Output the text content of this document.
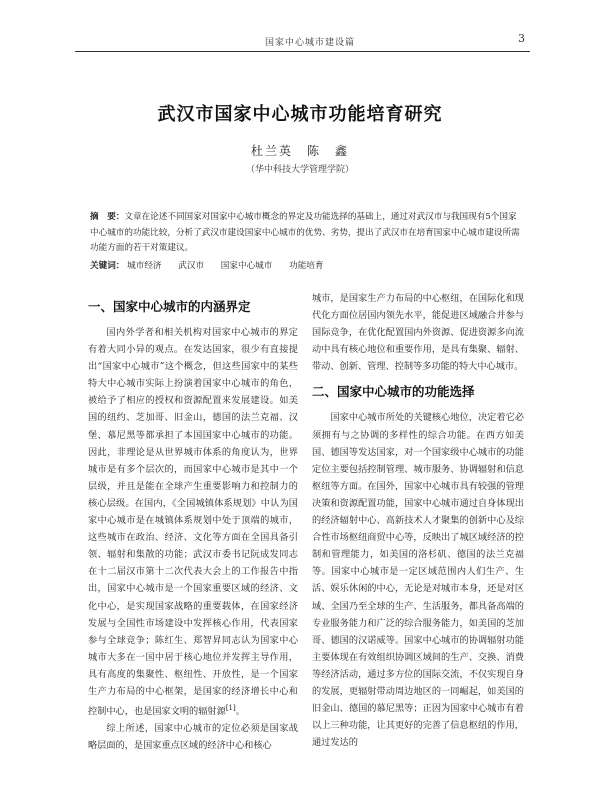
国家中心城市建设篇	3
武汉市国家中心城市功能培育研究
杜兰英　陈　鑫
（华中科技大学管理学院）
摘　要：文章在论述不同国家对国家中心城市概念的界定及功能选择的基础上，通过对武汉市与我国现有5个国家中心城市的功能比较，分析了武汉市建设国家中心城市的优势、劣势，提出了武汉市在培育国家中心城市建设所需功能方面的若干对策建议。
关键词： 城市经济 武汉市 国家中心城市 功能培育
一、国家中心城市的内涵界定

国内外学者和相关机构对国家中心城市的界定有着大同小异的观点。在发达国家，很少有直接提出“国家中心城市”这个概念，但这些国家中的某些特大中心城市实际上扮演着国家中心城市的角色，被给予了相应的授权和资源配置来发展建设。如美国的纽约、芝加哥、旧金山，德国的法兰克福、汉堡、慕尼黑等都承担了本国国家中心城市的功能。因此，非理论是从世界城市体系的角度认为，世界城市是有多个层次的，而国家中心城市是其中一个层级，并且是能在全球产生重要影响力和控制力的核心层级。在国内，《全国城镇体系规划》中认为国家中心城市是在城镇体系规划中处于顶端的城市，这些城市在政治、经济、文化等方面在全国具备引领、辐射和集散的功能；武汉市委书记阮成发同志在十二届汉市第十二次代表大会上的工作报告中指出，国家中心城市是一个国家重要区域的经济、文化中心，是实现国家战略的重要载体，在国家经济发展与全国性市场建设中发挥核心作用，代表国家参与全球竞争；陈红生、郑智昇同志认为国家中心城市大多在一国中居于核心地位并发挥主导作用，具有高度的集聚性、枢纽性、开放性，是一个国家生产力布局的中心框架，是国家的经济增长中心和控制中心，也是国家文明的辐射源[1]。

综上所述，国家中心城市的定位必须是国家战略层面的，是国家重点区域的经济中心和核心

城市，是国家生产力布局的中心枢纽，在国际化和现代化方面位居国内领先水平，能促进区域融合并参与国际竞争，在优化配置国内外资源、促进资源多向流动中具有核心地位和重要作用，是具有集聚、辐射、带动、创新、管理、控制等多功能的特大中心城市。

二、国家中心城市的功能选择

国家中心城市所处的关键核心地位，决定着它必须拥有与之协调的多样性的综合功能。在西方如美国、德国等发达国家，对一个国家级中心城市的功能定位主要包括控制管理、城市服务、协调辐射和信息枢纽等方面。在国外，国家中心城市具有较强的管理决策和资源配置功能，国家中心城市通过自身体现出的经济辐射中心、高新技术人才聚集的创新中心及综合性市场枢纽商贸中心等，反映出了城区域经济的控制和管理能力，如美国的洛杉矶、德国的法兰克福等。国家中心城市是一定区域范围内人们生产、生活、娱乐休闲的中心，无论是对城市本身，还是对区域、全国乃至全球的生产、生活服务，都具备高端的专业服务能力和广泛的综合服务能力，如美国的芝加哥、德国的汉诺威等。国家中心城市的协调辐射功能主要体现在有效组织协调区域间的生产、交换、消费等经济活动，通过多方位的国际交流，不仅实现自身的发展，更辐射带动周边地区的一同崛起，如美国的旧金山、德国的慕尼黑等；正因为国家中心城市有着以上三种功能，让其更好的完善了信息枢纽的作用，通过发达的
